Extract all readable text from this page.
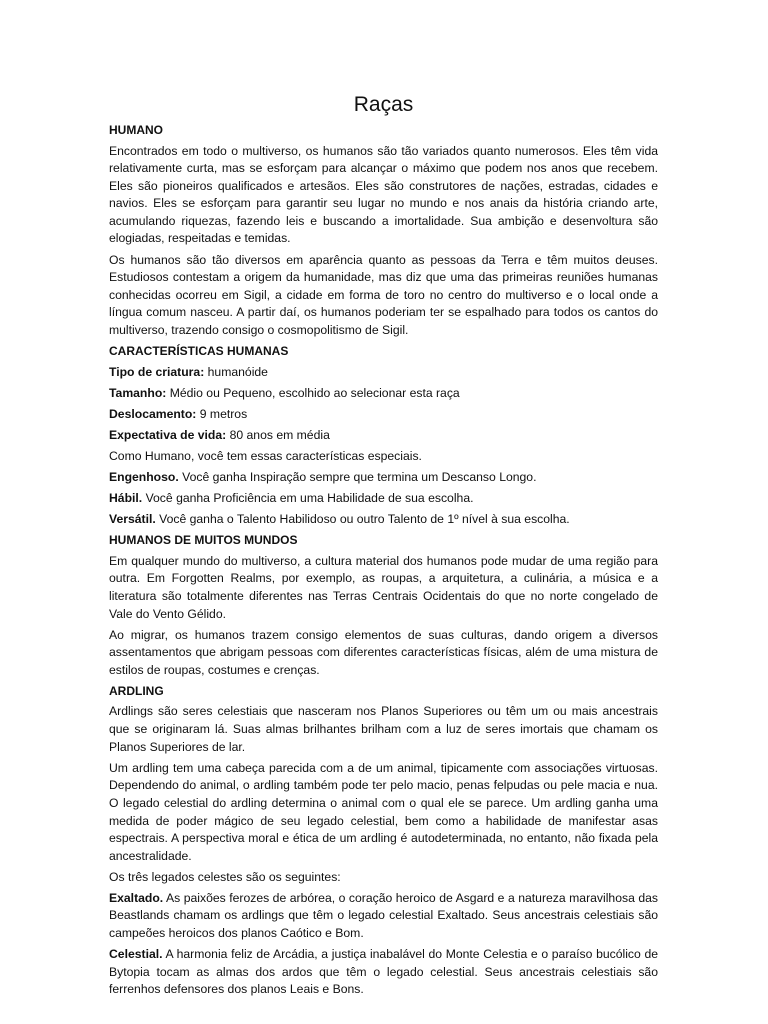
Raças
HUMANO

Encontrados em todo o multiverso, os humanos são tão variados quanto numerosos. Eles têm vida relativamente curta, mas se esforçam para alcançar o máximo que podem nos anos que recebem. Eles são pioneiros qualificados e artesãos. Eles são construtores de nações, estradas, cidades e navios. Eles se esforçam para garantir seu lugar no mundo e nos anais da história criando arte, acumulando riquezas, fazendo leis e buscando a imortalidade. Sua ambição e desenvoltura são elogiadas, respeitadas e temidas.

Os humanos são tão diversos em aparência quanto as pessoas da Terra e têm muitos deuses. Estudiosos contestam a origem da humanidade, mas diz que uma das primeiras reuniões humanas conhecidas ocorreu em Sigil, a cidade em forma de toro no centro do multiverso e o local onde a língua comum nasceu. A partir daí, os humanos poderiam ter se espalhado para todos os cantos do multiverso, trazendo consigo o cosmopolitismo de Sigil.

CARACTERÍSTICAS HUMANAS
Tipo de criatura: humanóide
Tamanho: Médio ou Pequeno, escolhido ao selecionar esta raça
Deslocamento: 9 metros
Expectativa de vida: 80 anos em média
Como Humano, você tem essas características especiais.
Engenhoso. Você ganha Inspiração sempre que termina um Descanso Longo.
Hábil. Você ganha Proficiência em uma Habilidade de sua escolha.
Versátil. Você ganha o Talento Habilidoso ou outro Talento de 1º nível à sua escolha.
HUMANOS DE MUITOS MUNDOS

Em qualquer mundo do multiverso, a cultura material dos humanos pode mudar de uma região para outra. Em Forgotten Realms, por exemplo, as roupas, a arquitetura, a culinária, a música e a literatura são totalmente diferentes nas Terras Centrais Ocidentais do que no norte congelado de Vale do Vento Gélido.

Ao migrar, os humanos trazem consigo elementos de suas culturas, dando origem a diversos assentamentos que abrigam pessoas com diferentes características físicas, além de uma mistura de estilos de roupas, costumes e crenças.

ARDLING

Ardlings são seres celestiais que nasceram nos Planos Superiores ou têm um ou mais ancestrais que se originaram lá. Suas almas brilhantes brilham com a luz de seres imortais que chamam os Planos Superiores de lar.

Um ardling tem uma cabeça parecida com a de um animal, tipicamente com associações virtuosas. Dependendo do animal, o ardling também pode ter pelo macio, penas felpudas ou pele macia e nua. O legado celestial do ardling determina o animal com o qual ele se parece. Um ardling ganha uma medida de poder mágico de seu legado celestial, bem como a habilidade de manifestar asas espectrais. A perspectiva moral e ética de um ardling é autodeterminada, no entanto, não fixada pela ancestralidade.

Os três legados celestes são os seguintes:

Exaltado. As paixões ferozes de arbórea, o coração heroico de Asgard e a natureza maravilhosa das Beastlands chamam os ardlings que têm o legado celestial Exaltado. Seus ancestrais celestiais são campeões heroicos dos planos Caótico e Bom.

Celestial. A harmonia feliz de Arcádia, a justiça inabalável do Monte Celestia e o paraíso bucólico de Bytopia tocam as almas dos ardos que têm o legado celestial. Seus ancestrais celestiais são ferrenhos defensores dos planos Leais e Bons.
